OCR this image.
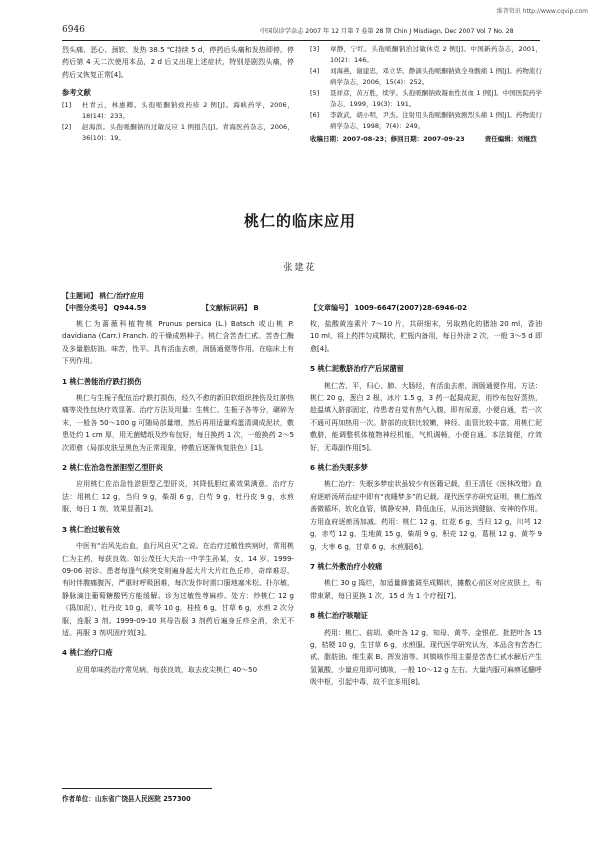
维普资讯 http://www.cqvip.com
6946	中国误诊学杂志 2007 年 12 月第 7 卷第 28 期 Chin J Misdiagn, Dec 2007 Vol 7 No. 28
烈头痛、恶心、颈软、发热 38.5 ℃持续 5 d，停药后头痛和发热即停。停药后第 4 天二次使用本品，2 d 后又出现上述症状，特别是剧烈头痛，停药后又恢复正常[4]。
参考文献
[1] 杜青云，林惠卿。头孢哌酮钠致药疹 2 例[J]。海峡药学，2006，18(14)：233。
[2] 赵海滨。头孢哌酮钠的过敏反应 1 例报告[J]。青海医药杂志，2006，36(10)：19。
[3] 章静，宁红。头孢哌酮钠治过敏休克 2 例[J]。中国新药杂志，2001，10(2)：146。
[4] 刘海燕，谢建忠，邓立华。静滴头孢哌酮钠致全身酸痛 1 例[J]。药物流行病学杂志，2006，15(4)：252。
[5] 聂祥彦，黄万胜，续学。头孢哌酮钠致凝血性贫血 1 例[J]。中国医院药学杂志，1999，19(3)：191。
[6] 李敦武，胡小明，尹杰。注射用头孢哌酮钠致剧烈头痛 1 例[J]。药物流行病学杂志，1998，7(4)：249。
收稿日期：2007-08-23；修回日期：2007-09-23	责任编辑：刘继烈
桃仁的临床应用
张建花
【主题词】 桃仁/治疗应用
【中图分类号】 Q944.59	【文献标识码】 B	【文章编号】 1009-6647(2007)28-6946-02
桃仁为蔷薇科植物桃 Prunus persica (L.) Batsch 或山桃 P. davidiana (Carr.) Franch. 的干燥成熟种子。桃仁含苦杏仁甙、苦杏仁酶及多量脂肪油。味苦，性平。具有活血去瘀，润肠通便等作用。在临床上有下列作用。
1 桃仁善能治疗跌打损伤
桃仁与生栀子配伍治疗跌打损伤，经久不愈的新旧软组织挫伤及红肿热痛等炎性包块疗效显著。治疗方法及用量：生桃仁、生栀子各等分，碾碎为末，一般各 50～100 g 可随局部量增，然后再用适量鸡蛋清调成泥状，敷患处约 1 cm 厚，用无菌蜡纸及纱布包好，每日换药 1 次，一般换药 2～5 次即愈（局部皮肤呈黑色为正常现象，停敷后逐渐恢复肤色）[1]。
2 桃仁佐治急性淤胆型乙型肝炎
应用桃仁佐治急性淤胆型乙型肝炎，其降低胆红素效果满意。治疗方法：用桃仁 12 g，当归 9 g，柴胡 6 g，白芍 9 g，牡丹皮 9 g，水煎服，每日 1 剂，效果显著[2]。
3 桃仁治过敏有效
中医有“治风先治血，血行风自灭”之说。在治疗过敏性疾病时，常用桃仁为主药，每获良效。如公茂任大夫治一中学生孙某，女，14 岁。1999-09-06 初诊。患者每逢气候突变则遍身起大片大片红色丘疹，奇痒难忍，有时伴腹痛腹泻，严重时呼吸困难，每次发作时需口服地塞米松、扑尔敏，静脉滴注葡萄糖酸钙方能缓解。诊为过敏性荨麻疹。处方：炒桃仁 12 g（捣加泥），牡丹皮 10 g，黄芩 10 g，桂枝 6 g，甘草 6 g，水煎 2 次分服，连服 3 剂。1999-09-10 其母告服 3 剂药后遍身丘疹全消，余无不适。再服 3 剂巩固疗效[3]。
4 桃仁治疗口疮
应用单味药治疗常见病，每获良效，取去皮尖桃仁 40～50
枚，盐酸黄连素片 7～10 片，共研细末，另取熟化的猪油 20 ml，香油 10 ml，将上药拌匀成糊状，贮瓶内备用，每日外涂 2 次，一般 3～5 d 即愈[4]。
5 桃仁泥敷脐治疗产后尿潴留
桃仁苦、平，归心、肺、大肠经，有活血去瘀，润肠通便作用。方法：桃仁 20 g，葱白 2 根，冰片 1.5 g，3 药一起捣成泥，用纱布包好蒸热，趁温填入脐部固定，待患者自觉有热气入腹，即有尿意，小便自通，若一次不通可再加热用一次。脐部的皮肤比较嫩，神经、血管比较丰富，用桃仁泥敷脐，能调整机体植物神经机能，气机调畅，小便自通。本法简便，疗效好，无毒副作用[5]。
6 桃仁治失眠多梦
桃仁治疗：失眠多梦症状虽较少有医籍记载，但王清任《医林改错》血府逐瘀汤所治症中即有“夜睡梦多”的记载。现代医学亦研究证明，桃仁能改善微循环，软化血管，镇静安神，降低血压，从而达到健脑、安神的作用。方用血府逐瘀汤加减。药用：桃仁 12 g，红花 6 g，当归 12 g，川芎 12 g，赤芍 12 g，生地黄 15 g，柴胡 9 g，积壳 12 g，葛根 12 g，黄芩 9 g，大枣 6 g，甘草 6 g，水煎服[6]。
7 桃仁外敷治疗小较痛
桃仁 30 g 捣烂，加适量蜂蜜调至成糊状，摊敷心前区对应皮肤上，布带束紧，每日更换 1 次，15 d 为 1 个疗程[7]。
8 桃仁治疗咳喘证
药用：桃仁、前胡、桑叶各 12 g，知母、黄芩、金银花、批把叶各 15 g，桔梗 10 g，生甘草 6 g，水煎服。现代医学研究认为，本品含有苦杏仁甙、脂肪油、维生素 B、挥发油等。其镇咳作用主要是苦杏仁甙水解后产生氢氰酸，少量应用即可镇咳，一般 10～12 g 左右。大量内服可麻痹延髓呼吸中枢，引起中毒，故不宜多用[8]。
作者单位：山东省广饶县人民医院 257300
